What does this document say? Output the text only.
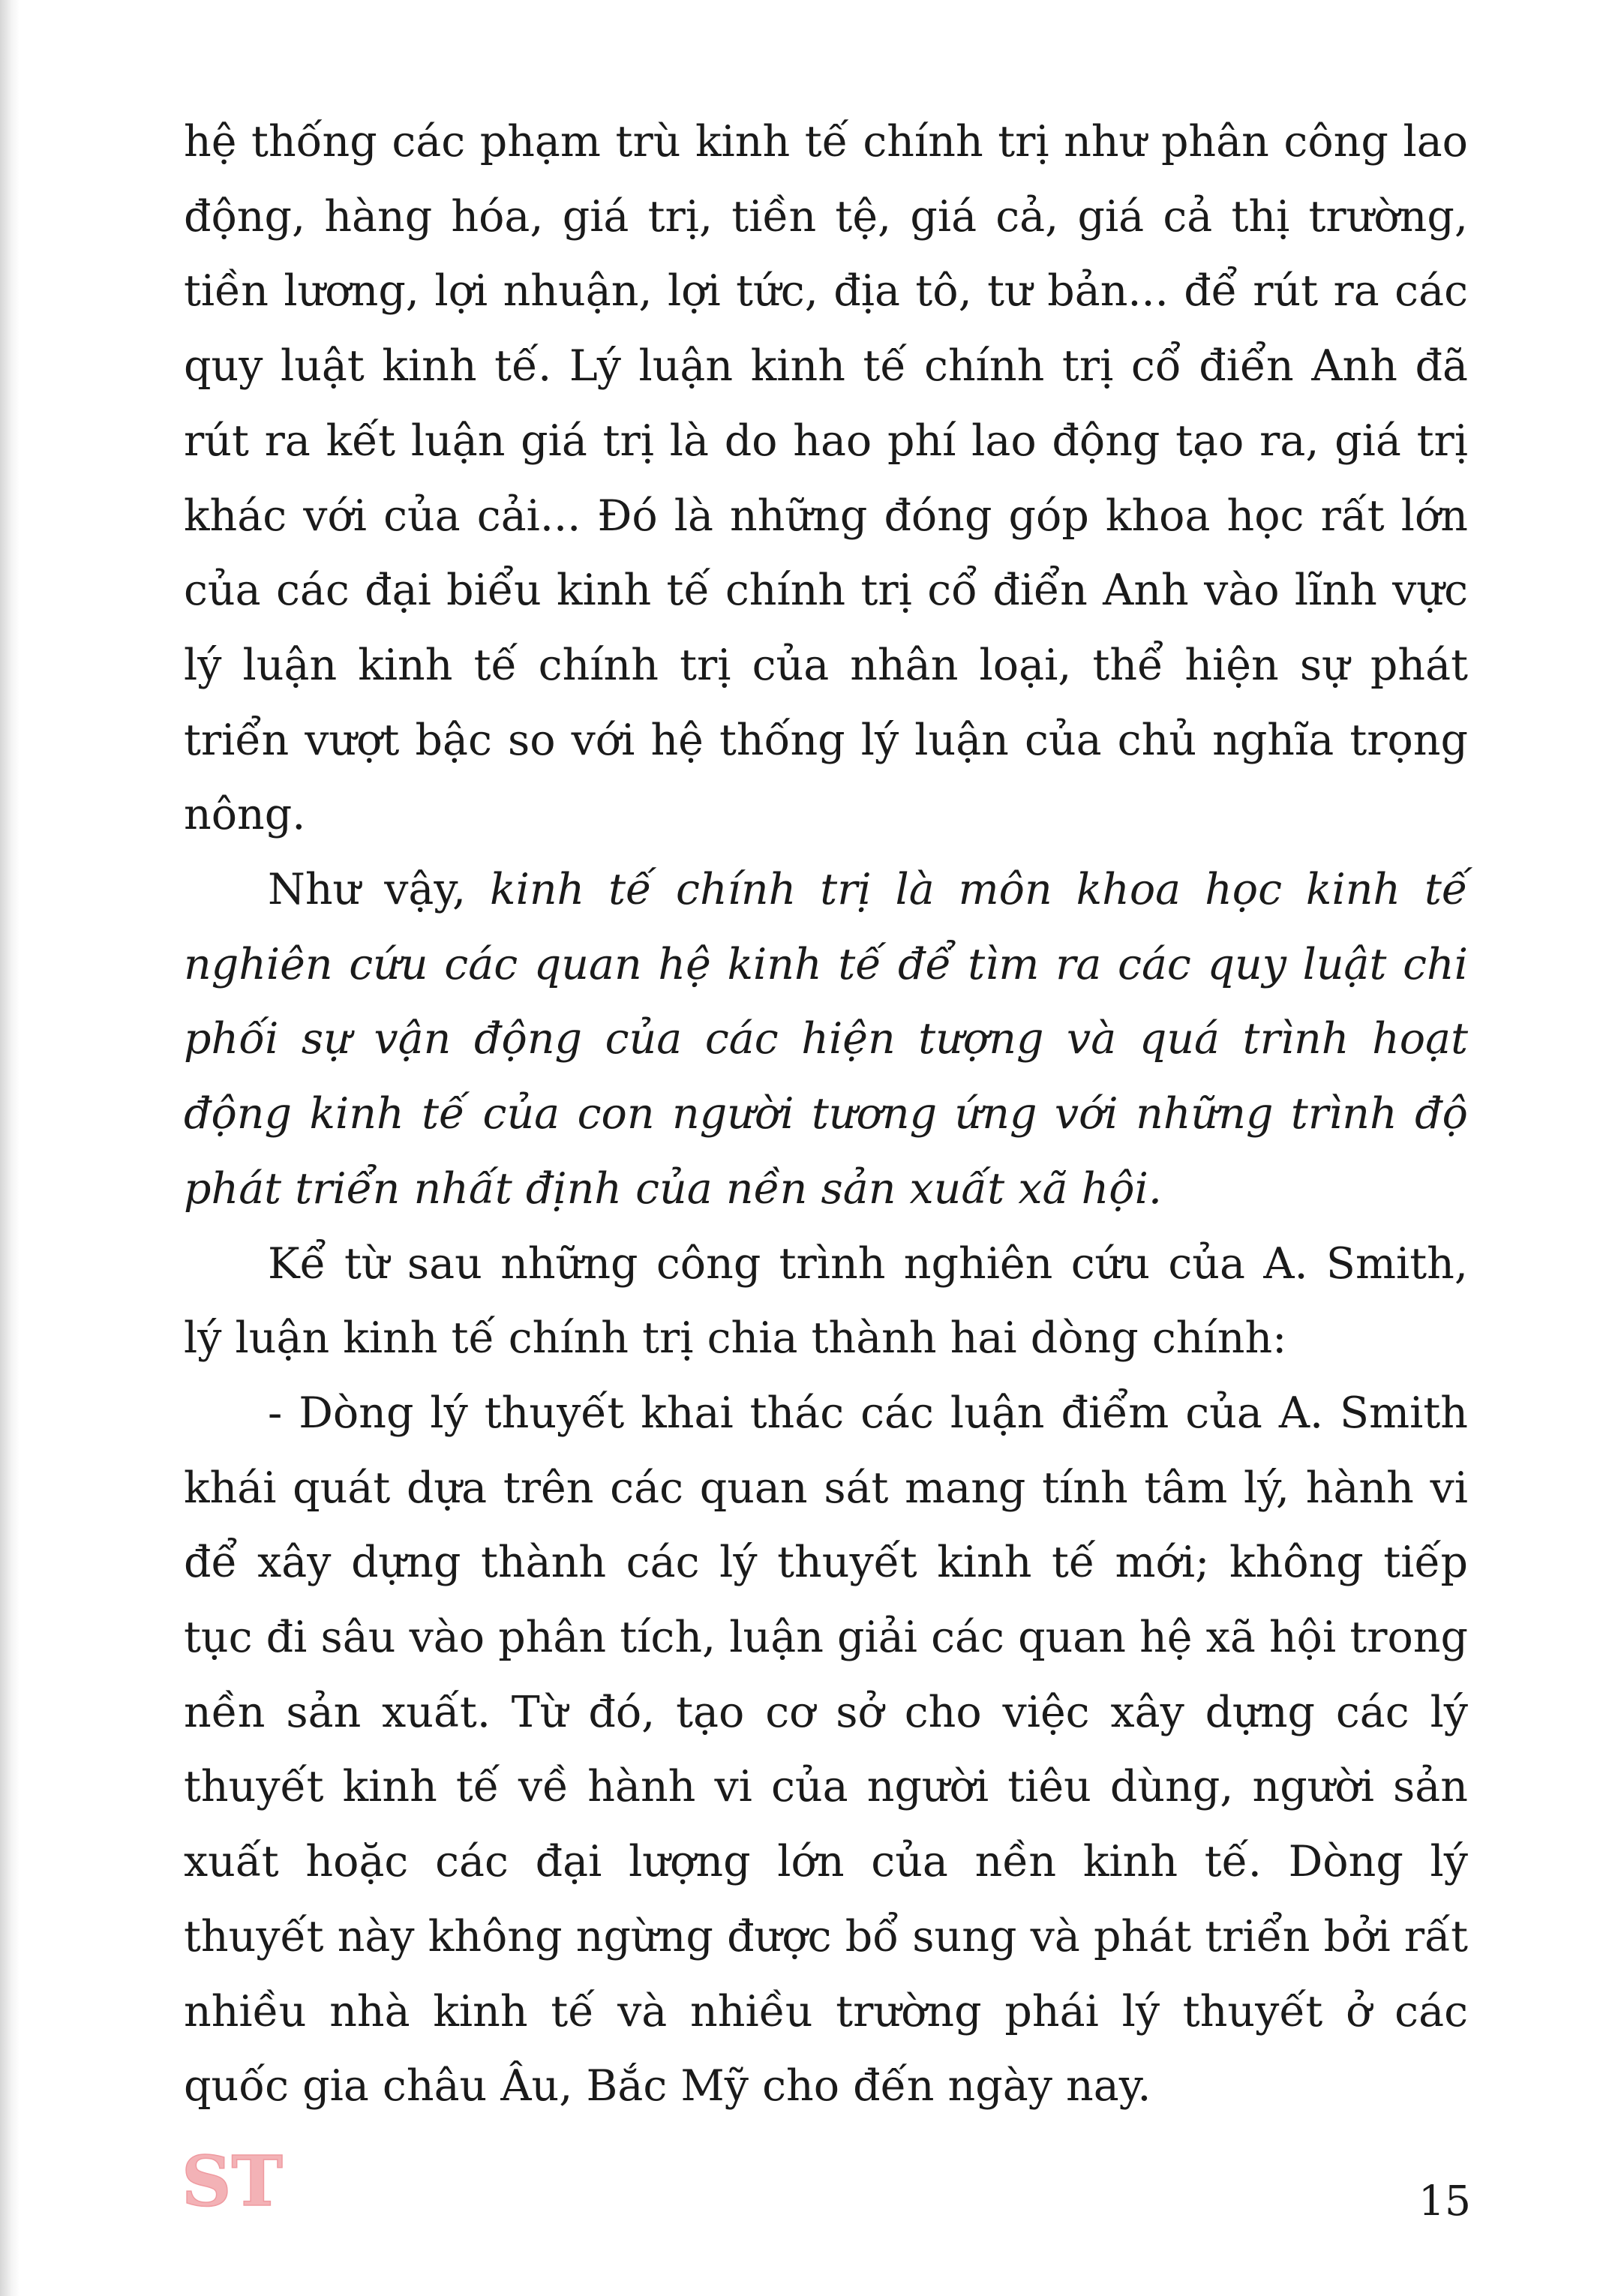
hệ thống các phạm trù kinh tế chính trị như phân công lao động, hàng hóa, giá trị, tiền tệ, giá cả, giá cả thị trường, tiền lương, lợi nhuận, lợi tức, địa tô, tư bản... để rút ra các quy luật kinh tế. Lý luận kinh tế chính trị cổ điển Anh đã rút ra kết luận giá trị là do hao phí lao động tạo ra, giá trị khác với của cải... Đó là những đóng góp khoa học rất lớn của các đại biểu kinh tế chính trị cổ điển Anh vào lĩnh vực lý luận kinh tế chính trị của nhân loại, thể hiện sự phát triển vượt bậc so với hệ thống lý luận của chủ nghĩa trọng nông.

Như vậy, kinh tế chính trị là môn khoa học kinh tế nghiên cứu các quan hệ kinh tế để tìm ra các quy luật chi phối sự vận động của các hiện tượng và quá trình hoạt động kinh tế của con người tương ứng với những trình độ phát triển nhất định của nền sản xuất xã hội.

Kể từ sau những công trình nghiên cứu của A. Smith, lý luận kinh tế chính trị chia thành hai dòng chính:

- Dòng lý thuyết khai thác các luận điểm của A. Smith khái quát dựa trên các quan sát mang tính tâm lý, hành vi để xây dựng thành các lý thuyết kinh tế mới; không tiếp tục đi sâu vào phân tích, luận giải các quan hệ xã hội trong nền sản xuất. Từ đó, tạo cơ sở cho việc xây dựng các lý thuyết kinh tế về hành vi của người tiêu dùng, người sản xuất hoặc các đại lượng lớn của nền kinh tế. Dòng lý thuyết này không ngừng được bổ sung và phát triển bởi rất nhiều nhà kinh tế và nhiều trường phái lý thuyết ở các quốc gia châu Âu, Bắc Mỹ cho đến ngày nay.

ST	15
